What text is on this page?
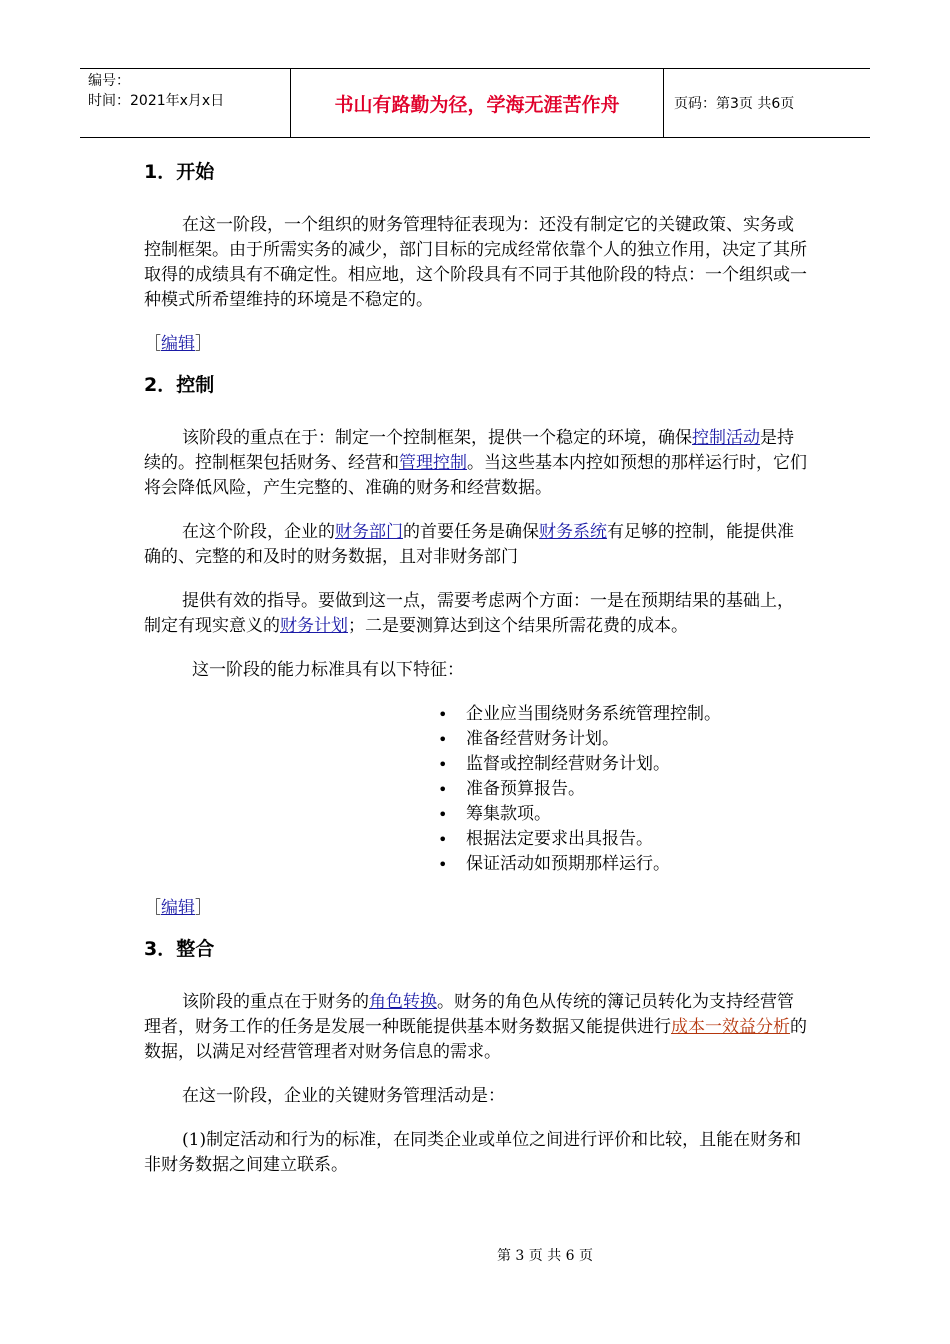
编号：
时间：2021年x月x日	书山有路勤为径，学海无涯苦作舟	页码：第3页 共6页
1．开始

在这一阶段，一个组织的财务管理特征表现为：还没有制定它的关键政策、实务或控制框架。由于所需实务的减少，部门目标的完成经常依靠个人的独立作用，决定了其所取得的成绩具有不确定性。相应地，这个阶段具有不同于其他阶段的特点：一个组织或一种模式所希望维持的环境是不稳定的。

［编辑］
2．控制

该阶段的重点在于：制定一个控制框架，提供一个稳定的环境，确保控制活动是持续的。控制框架包括财务、经营和管理控制。当这些基本内控如预想的那样运行时，它们将会降低风险，产生完整的、准确的财务和经营数据。

在这个阶段，企业的财务部门的首要任务是确保财务系统有足够的控制，能提供准确的、完整的和及时的财务数据，且对非财务部门

提供有效的指导。要做到这一点，需要考虑两个方面：一是在预期结果的基础上，制定有现实意义的财务计划；二是要测算达到这个结果所需花费的成本。

这一阶段的能力标准具有以下特征：

• 企业应当围绕财务系统管理控制。
• 准备经营财务计划。
• 监督或控制经营财务计划。
• 准备预算报告。
• 筹集款项。
• 根据法定要求出具报告。
• 保证活动如预期那样运行。
［编辑］
3．整合

该阶段的重点在于财务的角色转换。财务的角色从传统的簿记员转化为支持经营管理者，财务工作的任务是发展一种既能提供基本财务数据又能提供进行成本一效益分析的数据，以满足对经营管理者对财务信息的需求。

在这一阶段，企业的关键财务管理活动是：

(1)制定活动和行为的标准，在同类企业或单位之间进行评价和比较，且能在财务和非财务数据之间建立联系。

第 3 页 共 6 页
